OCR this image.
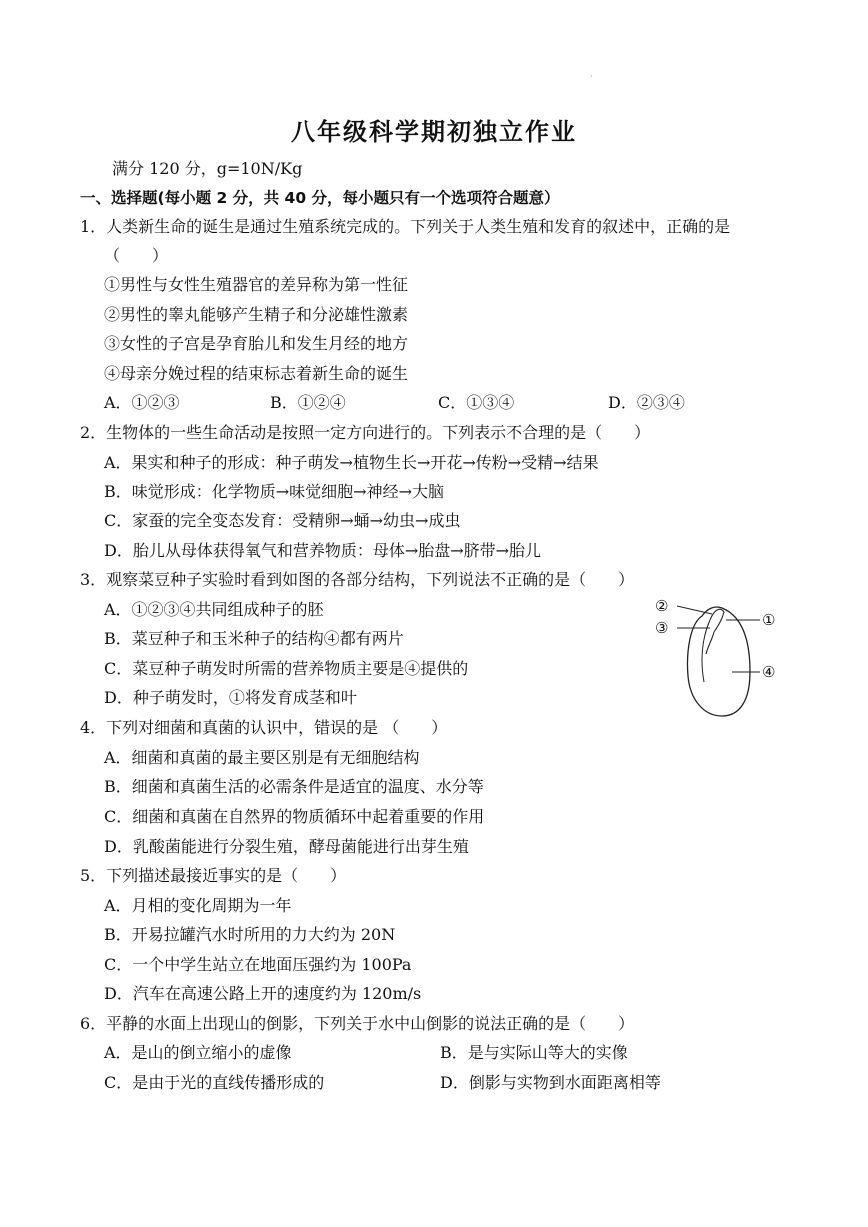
·
八年级科学期初独立作业
满分 120 分，g=10N/Kg
一、选择题(每小题 2 分，共 40 分，每小题只有一个选项符合题意）
1．人类新生命的诞生是通过生殖系统完成的。下列关于人类生殖和发育的叙述中，正确的是
（　　）
①男性与女性生殖器官的差异称为第一性征
②男性的睾丸能够产生精子和分泌雄性激素
③女性的子宫是孕育胎儿和发生月经的地方
④母亲分娩过程的结束标志着新生命的诞生
A．①②③	B．①②④	C．①③④	D．②③④
2．生物体的一些生命活动是按照一定方向进行的。下列表示不合理的是（　　）
A．果实和种子的形成：种子萌发→植物生长→开花→传粉→受精→结果
B．味觉形成：化学物质→味觉细胞→神经→大脑
C．家蚕的完全变态发育：受精卵→蛹→幼虫→成虫
D．胎儿从母体获得氧气和营养物质：母体→胎盘→脐带→胎儿
3．观察菜豆种子实验时看到如图的各部分结构，下列说法不正确的是（　　）
A．①②③④共同组成种子的胚
B．菜豆种子和玉米种子的结构④都有两片
C．菜豆种子萌发时所需的营养物质主要是④提供的
D．种子萌发时，①将发育成茎和叶
②
③	①
④
4．下列对细菌和真菌的认识中，错误的是 （　　）
A．细菌和真菌的最主要区别是有无细胞结构
B．细菌和真菌生活的必需条件是适宜的温度、水分等
C．细菌和真菌在自然界的物质循环中起着重要的作用
D．乳酸菌能进行分裂生殖，酵母菌能进行出芽生殖
5．下列描述最接近事实的是（　　）
A．月相的变化周期为一年
B．开易拉罐汽水时所用的力大约为 20N
C．一个中学生站立在地面压强约为 100Pa
D．汽车在高速公路上开的速度约为 120m/s
6．平静的水面上出现山的倒影，下列关于水中山倒影的说法正确的是（　　）
A．是山的倒立缩小的虚像	B．是与实际山等大的实像
C．是由于光的直线传播形成的	D．倒影与实物到水面距离相等
